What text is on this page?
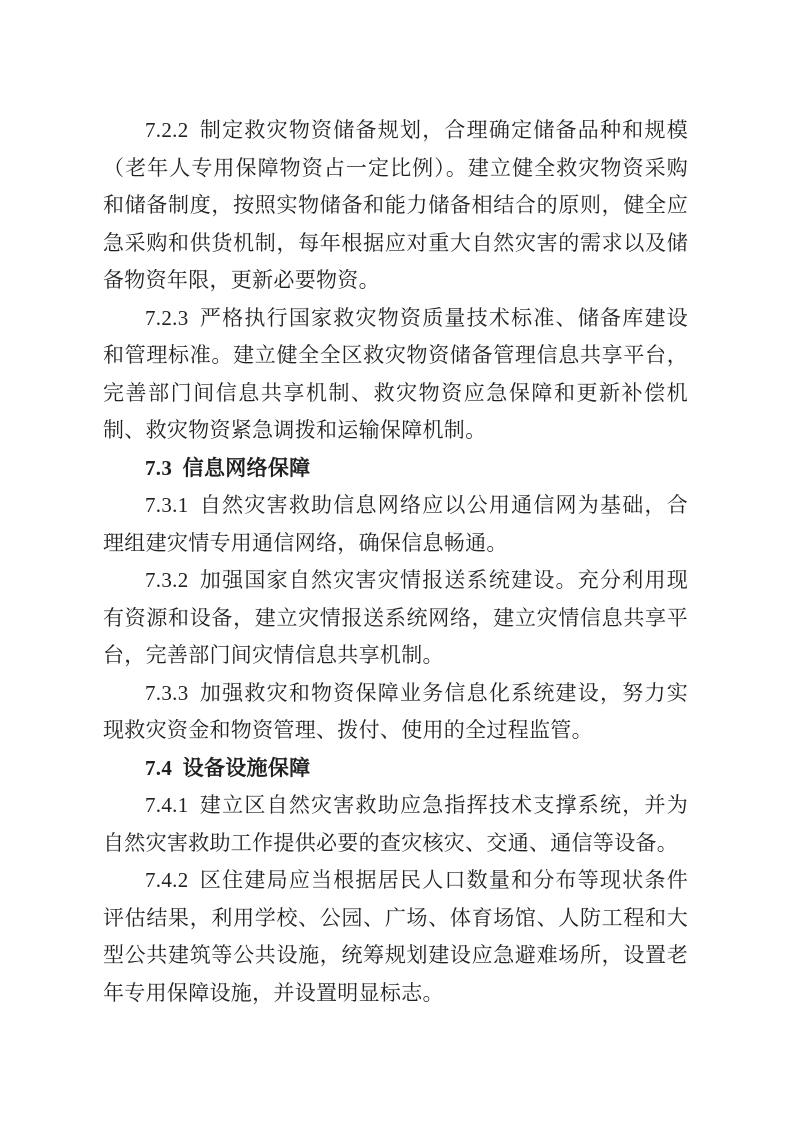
7.2.2 制定救灾物资储备规划，合理确定储备品种和规模（老年人专用保障物资占一定比例）。建立健全救灾物资采购和储备制度，按照实物储备和能力储备相结合的原则，健全应急采购和供货机制，每年根据应对重大自然灾害的需求以及储备物资年限，更新必要物资。

7.2.3 严格执行国家救灾物资质量技术标准、储备库建设和管理标准。建立健全全区救灾物资储备管理信息共享平台，完善部门间信息共享机制、救灾物资应急保障和更新补偿机制、救灾物资紧急调拨和运输保障机制。

7.3 信息网络保障

7.3.1 自然灾害救助信息网络应以公用通信网为基础，合理组建灾情专用通信网络，确保信息畅通。

7.3.2 加强国家自然灾害灾情报送系统建设。充分利用现有资源和设备，建立灾情报送系统网络，建立灾情信息共享平台，完善部门间灾情信息共享机制。

7.3.3 加强救灾和物资保障业务信息化系统建设，努力实现救灾资金和物资管理、拨付、使用的全过程监管。

7.4 设备设施保障

7.4.1 建立区自然灾害救助应急指挥技术支撑系统，并为自然灾害救助工作提供必要的查灾核灾、交通、通信等设备。

7.4.2 区住建局应当根据居民人口数量和分布等现状条件评估结果，利用学校、公园、广场、体育场馆、人防工程和大型公共建筑等公共设施，统筹规划建设应急避难场所，设置老年专用保障设施，并设置明显标志。
